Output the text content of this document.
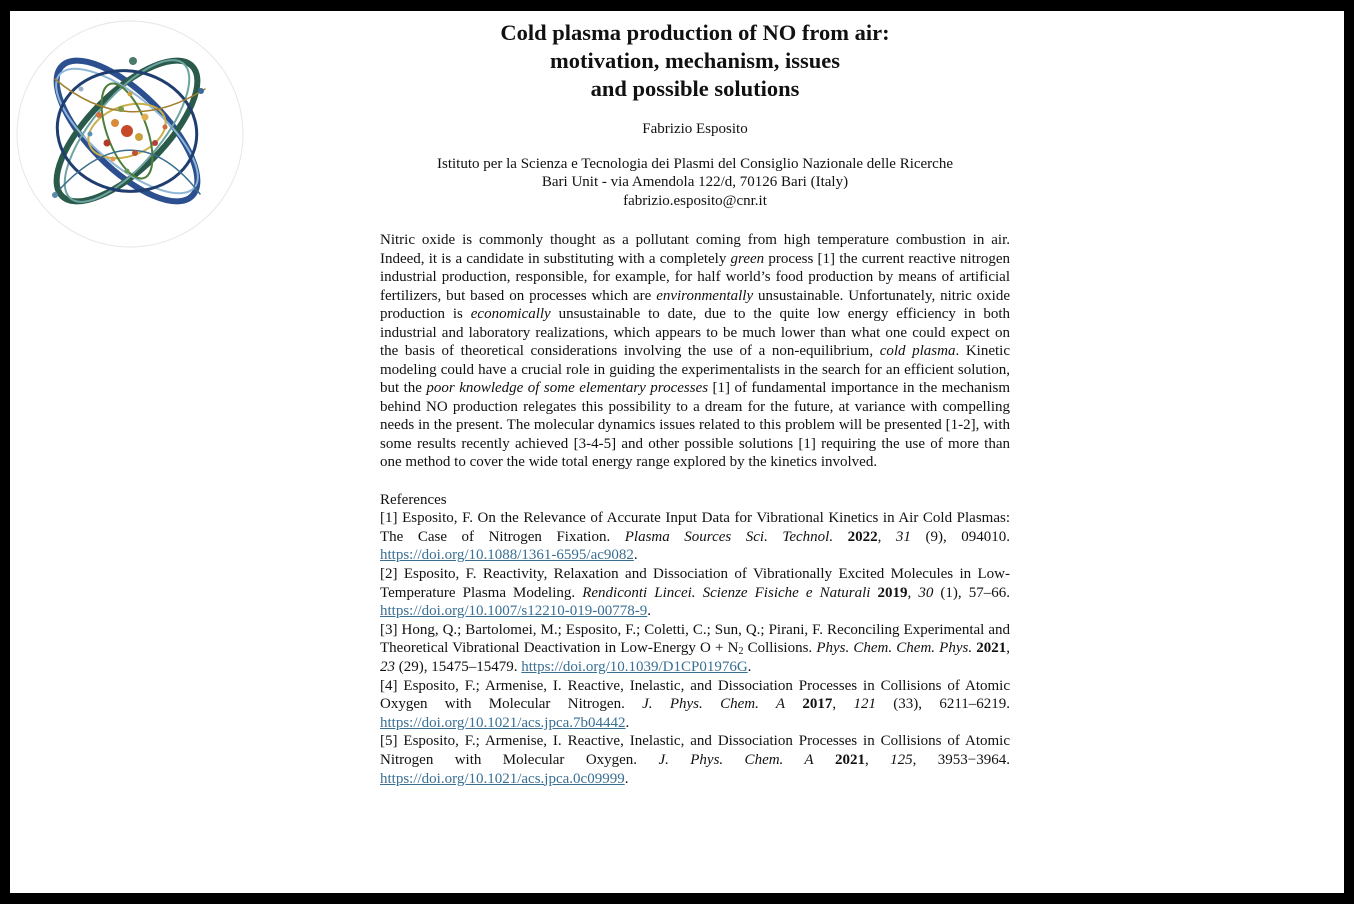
Cold plasma production of NO from air:
motivation, mechanism, issues
and possible solutions
Fabrizio Esposito
Istituto per la Scienza e Tecnologia dei Plasmi del Consiglio Nazionale delle Ricerche
Bari Unit - via Amendola 122/d, 70126 Bari (Italy)
fabrizio.esposito@cnr.it
Nitric oxide is commonly thought as a pollutant coming from high temperature combustion in air. Indeed, it is a candidate in substituting with a completely green process [1] the current reactive nitrogen industrial production, responsible, for example, for half world’s food production by means of artificial fertilizers, but based on processes which are environmentally unsustainable. Unfortunately, nitric oxide production is economically unsustainable to date, due to the quite low energy efficiency in both industrial and laboratory realizations, which appears to be much lower than what one could expect on the basis of theoretical considerations involving the use of a non-equilibrium, cold plasma. Kinetic modeling could have a crucial role in guiding the experimentalists in the search for an efficient solution, but the poor knowledge of some elementary processes [1] of fundamental importance in the mechanism behind NO production relegates this possibility to a dream for the future, at variance with compelling needs in the present. The molecular dynamics issues related to this problem will be presented [1-2], with some results recently achieved [3-4-5] and other possible solutions [1] requiring the use of more than one method to cover the wide total energy range explored by the kinetics involved.
References

[1] Esposito, F. On the Relevance of Accurate Input Data for Vibrational Kinetics in Air Cold Plasmas: The Case of Nitrogen Fixation. Plasma Sources Sci. Technol. 2022, 31 (9), 094010. https://doi.org/10.1088/1361-6595/ac9082.

[2] Esposito, F. Reactivity, Relaxation and Dissociation of Vibrationally Excited Molecules in Low-Temperature Plasma Modeling. Rendiconti Lincei. Scienze Fisiche e Naturali 2019, 30 (1), 57–66. https://doi.org/10.1007/s12210-019-00778-9.

[3] Hong, Q.; Bartolomei, M.; Esposito, F.; Coletti, C.; Sun, Q.; Pirani, F. Reconciling Experimental and Theoretical Vibrational Deactivation in Low-Energy $O + N_2$ Collisions. Phys. Chem. Chem. Phys. 2021, 23 (29), 15475–15479. https://doi.org/10.1039/D1CP01976G.

[4] Esposito, F.; Armenise, I. Reactive, Inelastic, and Dissociation Processes in Collisions of Atomic Oxygen with Molecular Nitrogen. J. Phys. Chem. A 2017, 121 (33), 6211–6219. https://doi.org/10.1021/acs.jpca.7b04442.

[5] Esposito, F.; Armenise, I. Reactive, Inelastic, and Dissociation Processes in Collisions of Atomic Nitrogen with Molecular Oxygen. J. Phys. Chem. A 2021, 125, 3953−3964. https://doi.org/10.1021/acs.jpca.0c09999.
